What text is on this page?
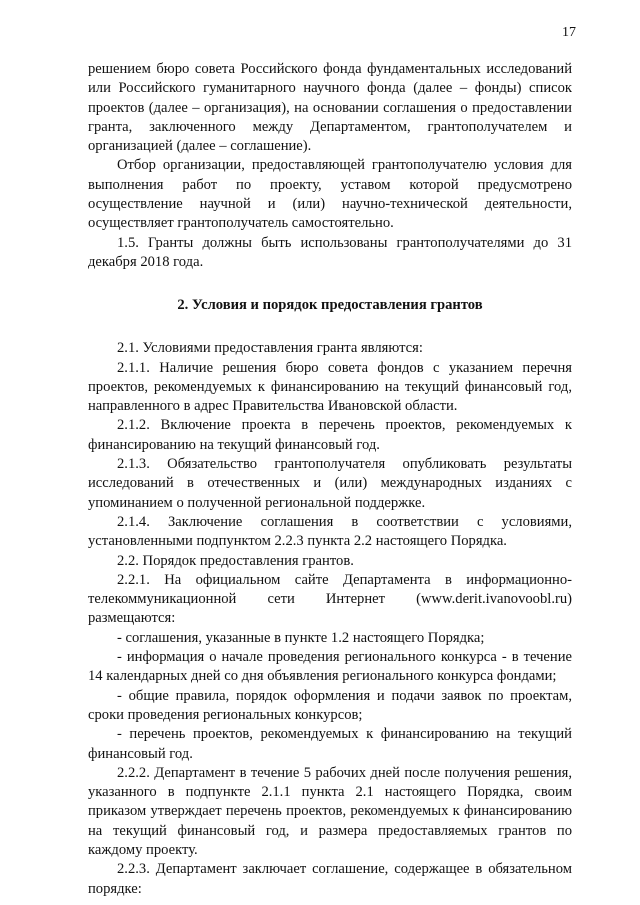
17

решением бюро совета Российского фонда фундаментальных исследований или Российского гуманитарного научного фонда (далее – фонды) список проектов (далее – организация), на основании соглашения о предоставлении гранта, заключенного между Департаментом, грантополучателем и организацией (далее – соглашение).

Отбор организации, предоставляющей грантополучателю условия для выполнения работ по проекту, уставом которой предусмотрено осуществление научной и (или) научно-технической деятельности, осуществляет грантополучатель самостоятельно.

1.5. Гранты должны быть использованы грантополучателями до 31 декабря 2018 года.

2. Условия и порядок предоставления грантов

2.1. Условиями предоставления гранта являются:

2.1.1. Наличие решения бюро совета фондов с указанием перечня проектов, рекомендуемых к финансированию на текущий финансовый год, направленного в адрес Правительства Ивановской области.

2.1.2. Включение проекта в перечень проектов, рекомендуемых к финансированию на текущий финансовый год.

2.1.3. Обязательство грантополучателя опубликовать результаты исследований в отечественных и (или) международных изданиях с упоминанием о полученной региональной поддержке.

2.1.4. Заключение соглашения в соответствии с условиями, установленными подпунктом 2.2.3 пункта 2.2 настоящего Порядка.

2.2. Порядок предоставления грантов.

2.2.1. На официальном сайте Департамента в информационно-телекоммуникационной сети Интернет (www.derit.ivanovoobl.ru) размещаются:

- соглашения, указанные в пункте 1.2 настоящего Порядка;

- информация о начале проведения регионального конкурса - в течение 14 календарных дней со дня объявления регионального конкурса фондами;

- общие правила, порядок оформления и подачи заявок по проектам, сроки проведения региональных конкурсов;

- перечень проектов, рекомендуемых к финансированию на текущий финансовый год.

2.2.2. Департамент в течение 5 рабочих дней после получения решения, указанного в подпункте 2.1.1 пункта 2.1 настоящего Порядка, своим приказом утверждает перечень проектов, рекомендуемых к финансированию на текущий финансовый год, и размера предоставляемых грантов по каждому проекту.

2.2.3. Департамент заключает соглашение, содержащее в обязательном порядке:
